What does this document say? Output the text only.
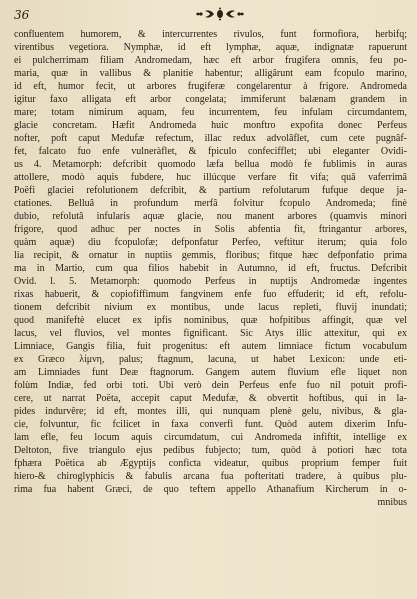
36
confluentem humorem, & intercurrentes rivulos, funt formofiora, herbifq;
virentibus vegetiora. Nymphæ, id eft lymphæ, aquæ, indignatæ rapuerunt
ei pulcherrimam filiam Andromedam, hæc eft arbor frugifera omnis, feu po-
maria, quæ in vallibus & planitie habentur; alligârunt eam fcopulo marino,
id eft, humor fecit, ut arbores frugiferæ congelarentur à frigore. Andromeda
igitur faxo alligata eft arbor congelata; immiferunt balænam grandem in
mare; totam nimirum aquam, feu incurrentem, feu infulam circumdantem,
glacie concretam. Hæfit Andromeda huic monftro expofita donec Perfeus
nofter, poft caput Medufæ refectum, illac redux advolâflet, cum cete pugnâf-
fet, falcato fuo enfe vulneràflet, & fpiculo confecifflet; ubi eleganter Ovidi-
us 4. Metamorph: defcribit quomodo læfa bellua modò fe fublimis in auras
attollere, modò aquis fubdere, huc illúcque verfare fit vifa; quâ vaferrimâ
Poëfi glaciei refolutionem defcribit, & partium refolutarum fufque deque ja-
ctationes. Belluâ in profundum merfâ folvitur fcopulo Andromeda; finè
dubio, refolutâ infularis aquæ glacie, nou manent arbores (quamvis minori
frigore, quod adhuc per noctes in Solis abfentia fit, ftringantur arbores,
quàm aquæ) diu fcopulofæ; defponfatur Perfeo, veftitur iterum; quia folo
lia recipit, & ornatur in nuptiis gemmis, floribus; fitque hæc defponfatio prima
ma in Martio, cum qua filios habebit in Autumno, id eft, fructus. Defcribit
Ovid. l. 5. Metamorph: quomodo Perfeus in nuptijs Andromedæ ingentes
rixas habuerit, & copiofiffimum fangvinem enfe fuo effuderit; id eft, refolu-
tionem defcribit nivium ex montibus, unde lacus repleti, fluvij inundati;
quod manifeftè elucet ex ipfis nominibus, quæ hofpitibus affingit, quæ vel
lacus, vel fluvios, vel montes fignificant. Sic Atys illic attexitur, qui ex
Limniace, Gangis filia, fuit progenitus: eft autem limniace fictum vocabulum
ex Græco λίμνη, palus; ftagnum, lacuna, ut habet Lexicon: unde eti-
am Limniades funt Deæ ftagnorum. Gangem autem fluvium efle liquet non
folùm Indiæ, fed orbi toti. Ubi verò dein Perfeus enfe fuo nil potuit profi-
cere, ut narrat Poëta, accepit caput Medufæ, & obvertit hoftibus, qui in la-
pides indurvêre; id eft, montes illi, qui nunquam plenè gelu, nivibus, & gla-
cie, folvuntur, fic fcilicet in faxa converfi funt. Quòd autem dixerim Infu-
lam efle, feu locum aquis circumdatum, cui Andromeda infiftit, intellige ex
Deltoton, five triangulo ejus pedibus fubjecto; tum, quòd à potiori hæc tota
fphæra Poëtica ab Ægyptijs conficta videatur, quibus proprium femper fuit
hiero-& chiroglyphicis & fabulis arcana fua pofteritati tradere, à quibus plu-
rima fua habent Græci, de quo teftem appello Athanafium Kircherum in o-
mnibus
